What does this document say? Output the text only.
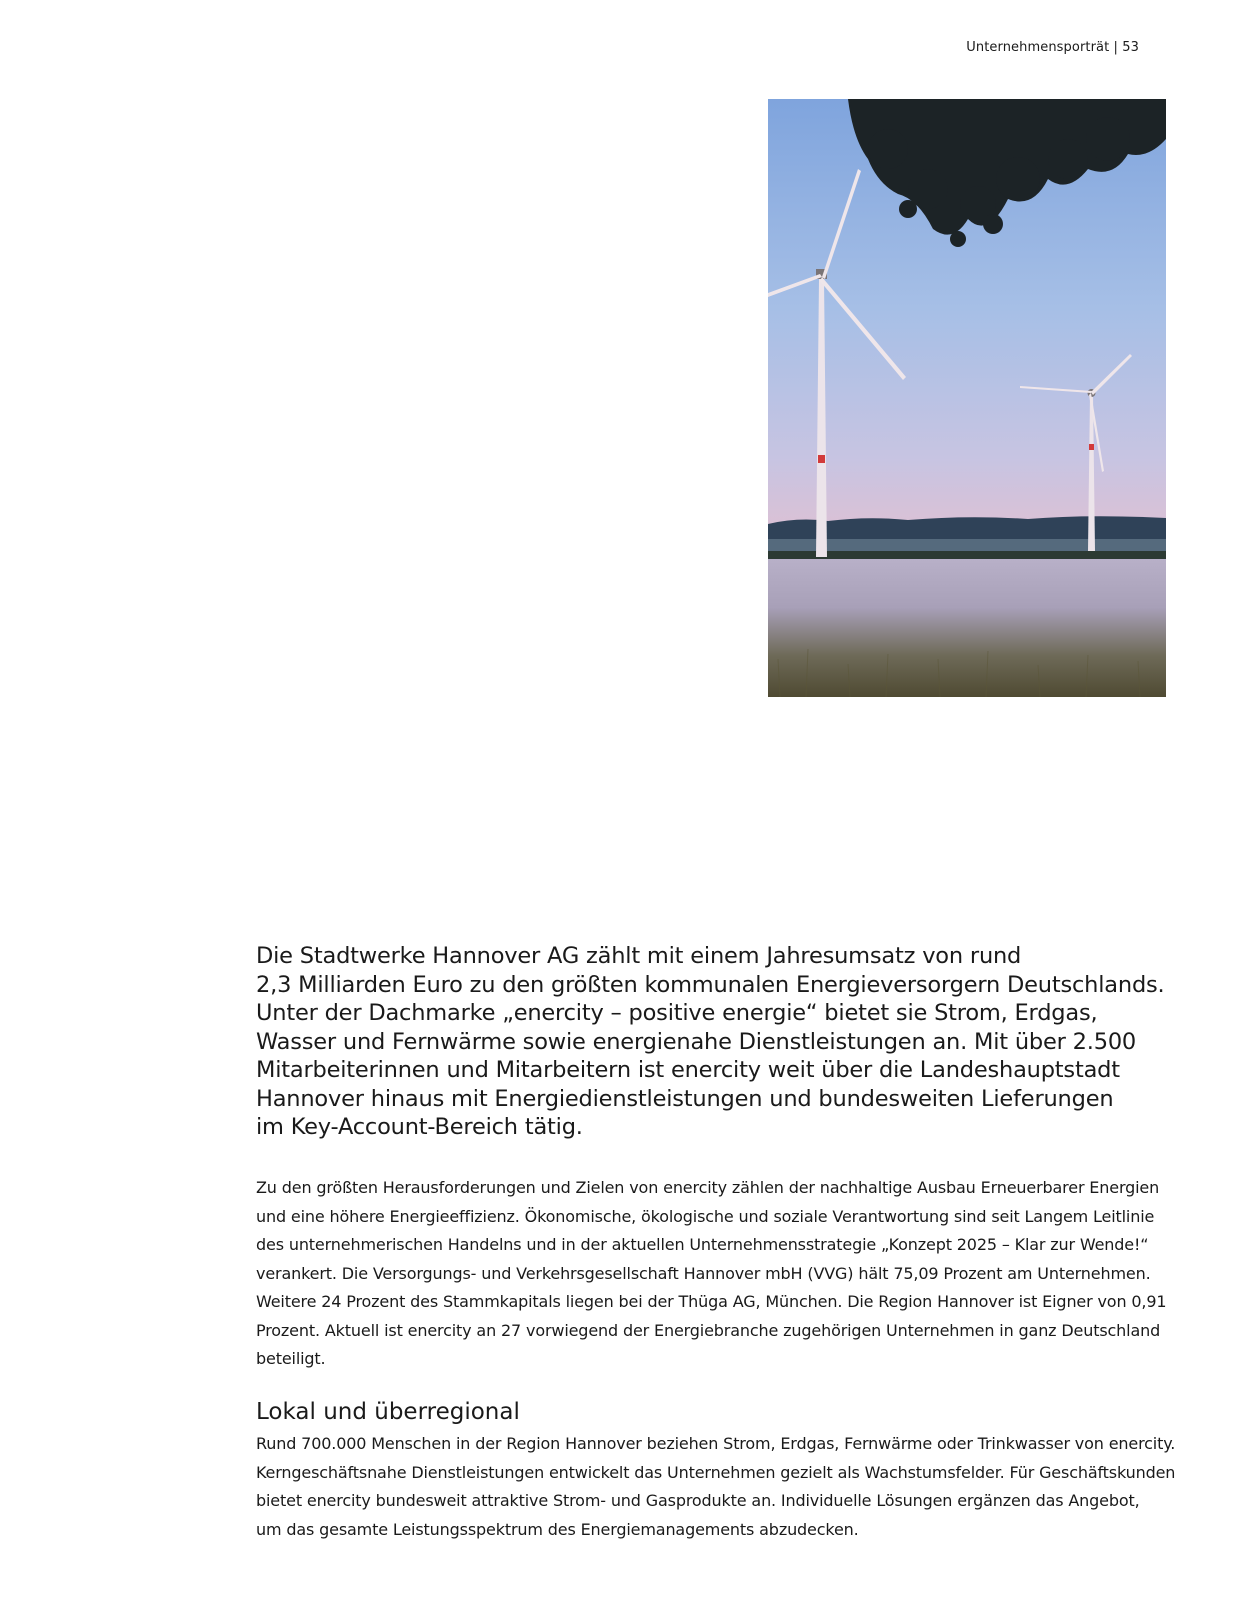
Unternehmensporträt | 53
Die Stadtwerke Hannover AG zählt mit einem Jahresumsatz von rund
2,3 Milliarden Euro zu den größten kommunalen Energieversorgern Deutschlands.
Unter der Dachmarke „enercity – positive energie“ bietet sie Strom, Erdgas,
Wasser und Fernwärme sowie energienahe Dienstleistungen an. Mit über 2.500
Mitarbeiterinnen und Mitarbeitern ist enercity weit über die Landeshauptstadt
Hannover hinaus mit Energiedienstleistungen und bundesweiten Lieferungen
im Key-Account-Bereich tätig.

Zu den größten Herausforderungen und Zielen von enercity zählen der nachhaltige Ausbau Erneuerbarer Energien
und eine höhere Energieeffizienz. Ökonomische, ökologische und soziale Verantwortung sind seit Langem Leitlinie
des unternehmerischen Handelns und in der aktuellen Unternehmensstrategie „Konzept 2025 – Klar zur Wende!“
verankert. Die Versorgungs- und Verkehrsgesellschaft Hannover mbH (VVG) hält 75,09 Prozent am Unternehmen.
Weitere 24 Prozent des Stammkapitals liegen bei der Thüga AG, München. Die Region Hannover ist Eigner von 0,91
Prozent. Aktuell ist enercity an 27 vorwiegend der Energiebranche zugehörigen Unternehmen in ganz Deutschland
beteiligt.

Lokal und überregional

Rund 700.000 Menschen in der Region Hannover beziehen Strom, Erdgas, Fernwärme oder Trinkwasser von enercity.
Kerngeschäftsnahe Dienstleistungen entwickelt das Unternehmen gezielt als Wachstumsfelder. Für Geschäftskunden
bietet enercity bundesweit attraktive Strom- und Gasprodukte an. Individuelle Lösungen ergänzen das Angebot,
um das gesamte Leistungsspektrum des Energiemanagements abzudecken.
